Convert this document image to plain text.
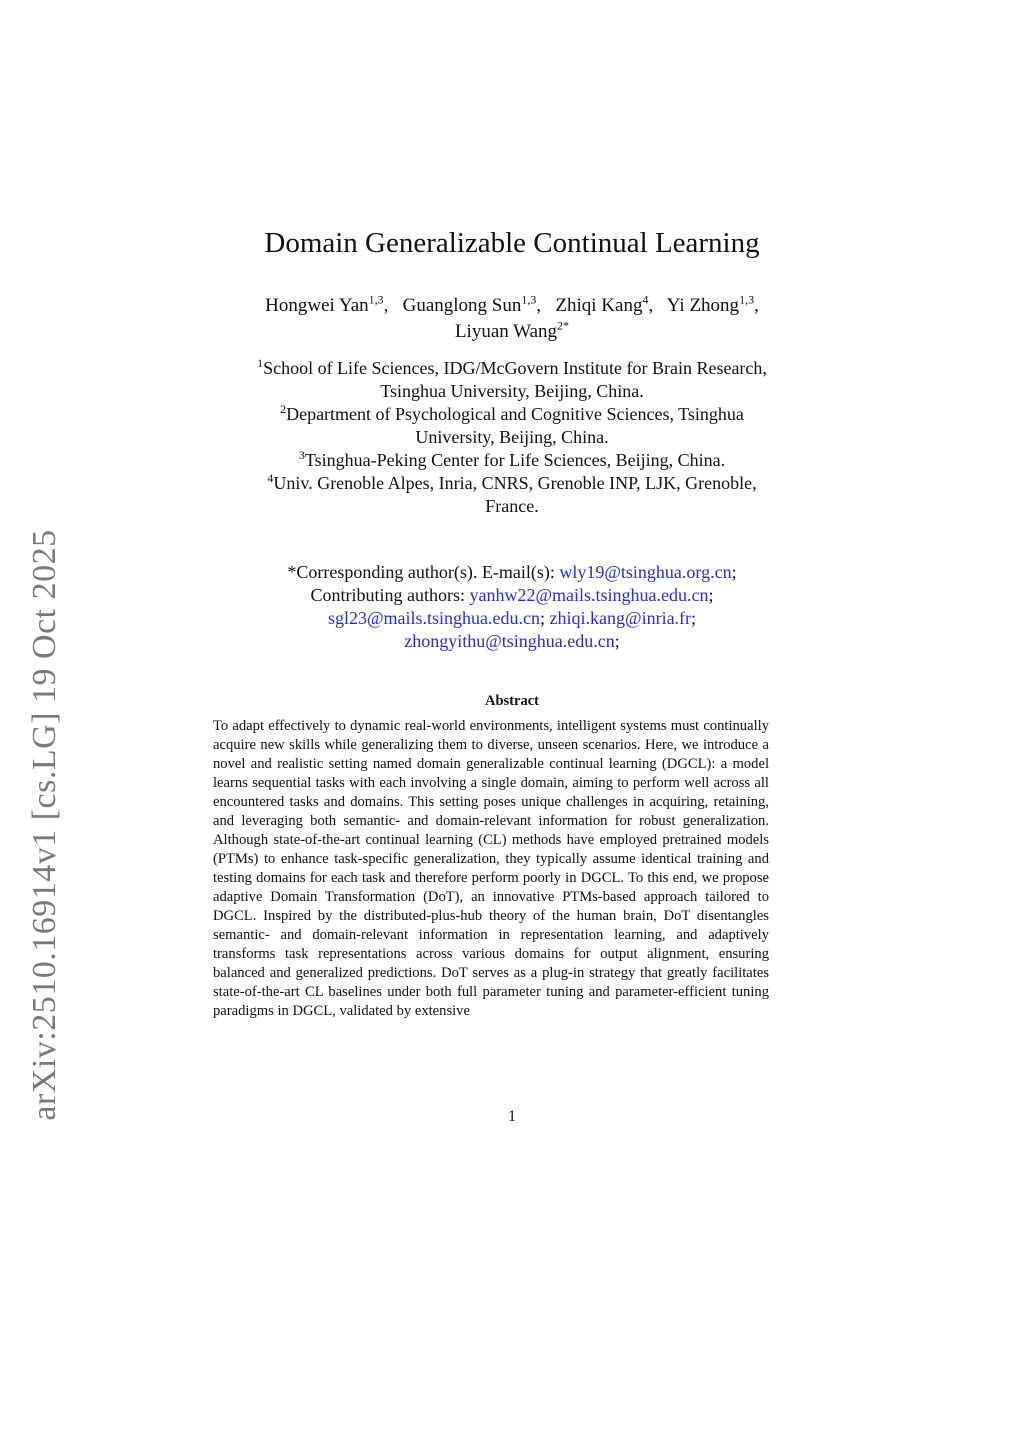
arXiv:2510.16914v1 [cs.LG] 19 Oct 2025
Domain Generalizable Continual Learning
Hongwei Yan$^{1,3}$, Guanglong Sun$^{1,3}$, Zhiqi Kang$^4$, Yi Zhong$^{1,3}$,
Liyuan Wang$^{2*}$
$^1$School of Life Sciences, IDG/McGovern Institute for Brain Research,
Tsinghua University, Beijing, China.
$^2$Department of Psychological and Cognitive Sciences, Tsinghua
University, Beijing, China.
$^3$Tsinghua-Peking Center for Life Sciences, Beijing, China.
$^4$Univ. Grenoble Alpes, Inria, CNRS, Grenoble INP, LJK, Grenoble,
France.
*Corresponding author(s). E-mail(s): wly19@tsinghua.org.cn;
Contributing authors: yanhw22@mails.tsinghua.edu.cn;
sgl23@mails.tsinghua.edu.cn; zhiqi.kang@inria.fr;
zhongyithu@tsinghua.edu.cn;
Abstract
To adapt effectively to dynamic real-world environments, intelligent systems must continually acquire new skills while generalizing them to diverse, unseen scenarios. Here, we introduce a novel and realistic setting named domain generalizable continual learning (DGCL): a model learns sequential tasks with each involving a single domain, aiming to perform well across all encountered tasks and domains. This setting poses unique challenges in acquiring, retaining, and leveraging both semantic- and domain-relevant information for robust generalization. Although state-of-the-art continual learning (CL) methods have employed pretrained models (PTMs) to enhance task-specific generalization, they typically assume identical training and testing domains for each task and therefore perform poorly in DGCL. To this end, we propose adaptive Domain Transformation (DoT), an innovative PTMs-based approach tailored to DGCL. Inspired by the distributed-plus-hub theory of the human brain, DoT disentangles semantic- and domain-relevant information in representation learning, and adaptively transforms task representations across various domains for output alignment, ensuring balanced and generalized predictions. DoT serves as a plug-in strategy that greatly facilitates state-of-the-art CL baselines under both full parameter tuning and parameter-efficient tuning paradigms in DGCL, validated by extensive
1
